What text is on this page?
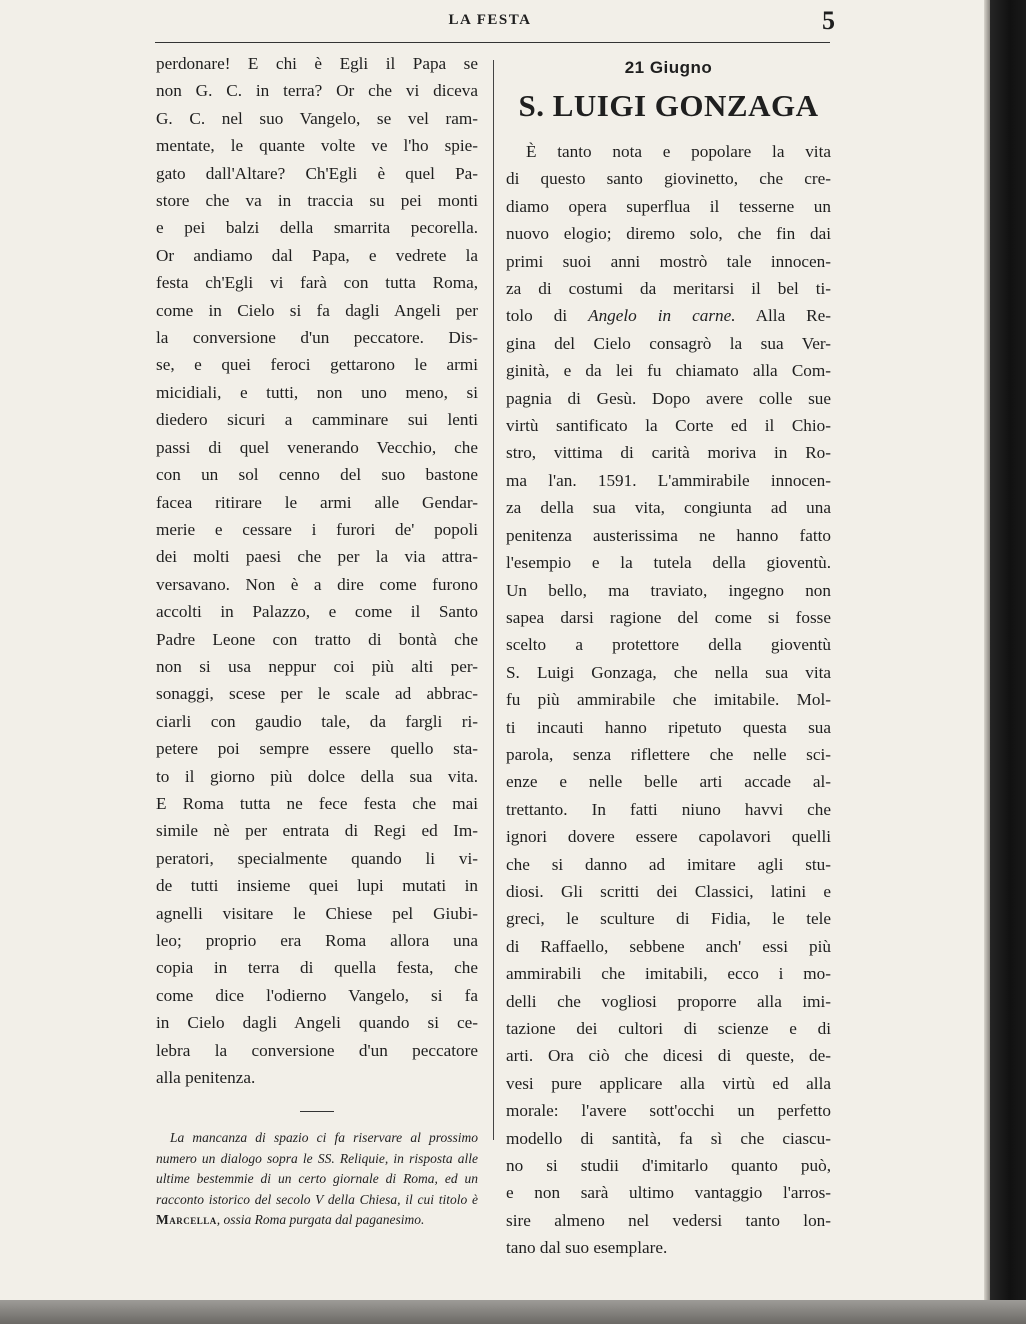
LA FESTA	5
perdonare! E chi è Egli il Papa se
non G. C. in terra? Or che vi diceva
G. C. nel suo Vangelo, se vel ram-
mentate, le quante volte ve l'ho spie-
gato dall'Altare? Ch'Egli è quel Pa-
store che va in traccia su pei monti
e pei balzi della smarrita pecorella.
Or andiamo dal Papa, e vedrete la
festa ch'Egli vi farà con tutta Roma,
come in Cielo si fa dagli Angeli per
la conversione d'un peccatore. Dis-
se, e quei feroci gettarono le armi
micidiali, e tutti, non uno meno, si
diedero sicuri a camminare sui lenti
passi di quel venerando Vecchio, che
con un sol cenno del suo bastone
facea ritirare le armi alle Gendar-
merie e cessare i furori de' popoli
dei molti paesi che per la via attra-
versavano. Non è a dire come furono
accolti in Palazzo, e come il Santo
Padre Leone con tratto di bontà che
non si usa neppur coi più alti per-
sonaggi, scese per le scale ad abbrac-
ciarli con gaudio tale, da fargli ri-
petere poi sempre essere quello sta-
to il giorno più dolce della sua vita.
E Roma tutta ne fece festa che mai
simile nè per entrata di Regi ed Im-
peratori, specialmente quando li vi-
de tutti insieme quei lupi mutati in
agnelli visitare le Chiese pel Giubi-
leo; proprio era Roma allora una
copia in terra di quella festa, che
come dice l'odierno Vangelo, si fa
in Cielo dagli Angeli quando si ce-
lebra la conversione d'un peccatore
alla penitenza.

La mancanza di spazio ci fa riservare al prossimo numero un dialogo sopra le SS. Reliquie, in risposta alle ultime bestemmie di un certo giornale di Roma, ed un racconto istorico del secolo V della Chiesa, il cui titolo è Marcella, ossia Roma purgata dal paganesimo.

21 Giugno

S. LUIGI GONZAGA
È tanto nota e popolare la vita
di questo santo giovinetto, che cre-
diamo opera superflua il tesserne un
nuovo elogio; diremo solo, che fin dai
primi suoi anni mostrò tale innocen-
za di costumi da meritarsi il bel ti-
tolo di Angelo in carne. Alla Re-
gina del Cielo consagrò la sua Ver-
ginità, e da lei fu chiamato alla Com-
pagnia di Gesù. Dopo avere colle sue
virtù santificato la Corte ed il Chio-
stro, vittima di carità moriva in Ro-
ma l'an. 1591. L'ammirabile innocen-
za della sua vita, congiunta ad una
penitenza austerissima ne hanno fatto
l'esempio e la tutela della gioventù.
Un bello, ma traviato, ingegno non
sapea darsi ragione del come si fosse
scelto a protettore della gioventù
S. Luigi Gonzaga, che nella sua vita
fu più ammirabile che imitabile. Mol-
ti incauti hanno ripetuto questa sua
parola, senza riflettere che nelle sci-
enze e nelle belle arti accade al-
trettanto. In fatti niuno havvi che
ignori dovere essere capolavori quelli
che si danno ad imitare agli stu-
diosi. Gli scritti dei Classici, latini e
greci, le sculture di Fidia, le tele
di Raffaello, sebbene anch' essi più
ammirabili che imitabili, ecco i mo-
delli che vogliosi proporre alla imi-
tazione dei cultori di scienze e di
arti. Ora ciò che dicesi di queste, de-
vesi pure applicare alla virtù ed alla
morale: l'avere sott'occhi un perfetto
modello di santità, fa sì che ciascu-
no si studii d'imitarlo quanto può,
e non sarà ultimo vantaggio l'arros-
sire almeno nel vedersi tanto lon-
tano dal suo esemplare.
